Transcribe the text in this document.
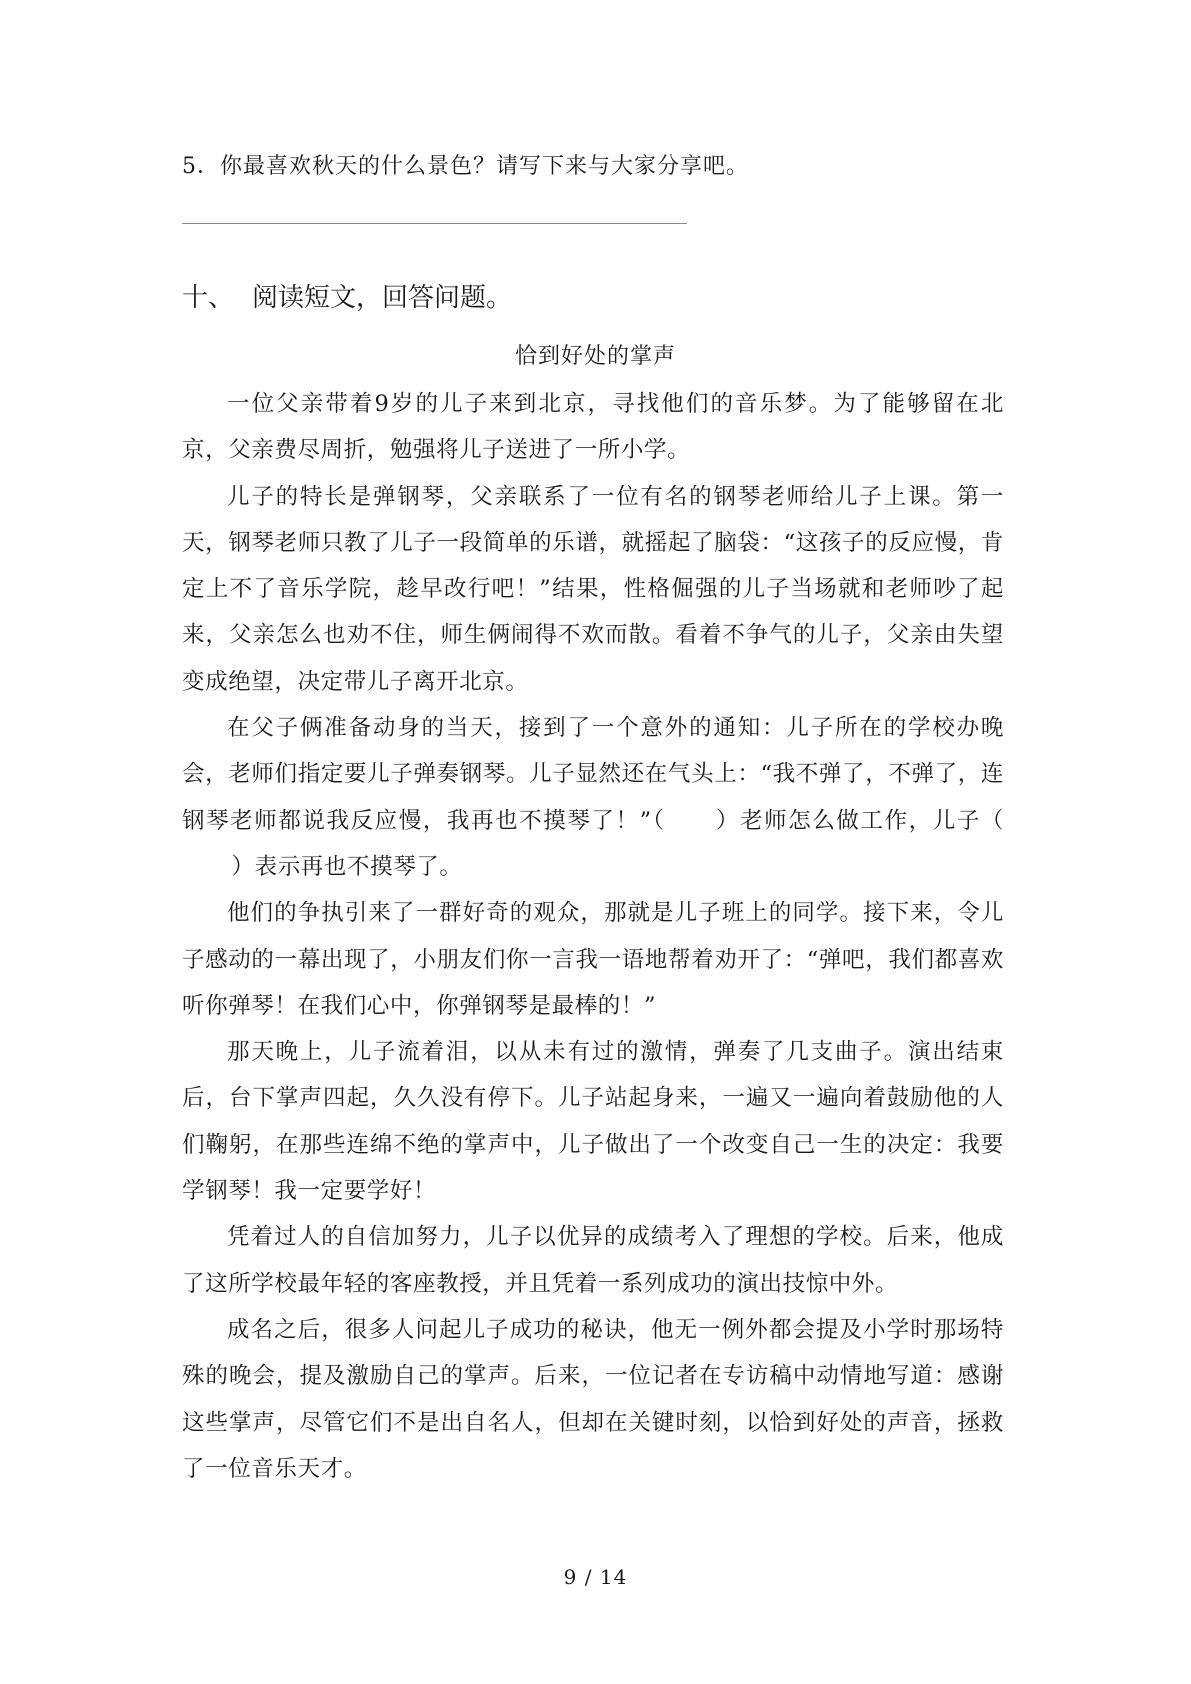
5．你最喜欢秋天的什么景色？请写下来与大家分享吧。
十、 阅读短文，回答问题。
恰到好处的掌声

一位父亲带着9岁的儿子来到北京，寻找他们的音乐梦。为了能够留在北京，父亲费尽周折，勉强将儿子送进了一所小学。

儿子的特长是弹钢琴，父亲联系了一位有名的钢琴老师给儿子上课。第一天，钢琴老师只教了儿子一段简单的乐谱，就摇起了脑袋：“这孩子的反应慢，肯定上不了音乐学院，趁早改行吧！”结果，性格倔强的儿子当场就和老师吵了起来，父亲怎么也劝不住，师生俩闹得不欢而散。看着不争气的儿子，父亲由失望变成绝望，决定带儿子离开北京。

在父子俩准备动身的当天，接到了一个意外的通知：儿子所在的学校办晚会，老师们指定要儿子弹奏钢琴。儿子显然还在气头上：“我不弹了，不弹了，连钢琴老师都说我反应慢，我再也不摸琴了！”（ ）老师怎么做工作，儿子（）表示再也不摸琴了。

他们的争执引来了一群好奇的观众，那就是儿子班上的同学。接下来，令儿子感动的一幕出现了，小朋友们你一言我一语地帮着劝开了：“弹吧，我们都喜欢听你弹琴！在我们心中，你弹钢琴是最棒的！”

那天晚上，儿子流着泪，以从未有过的激情，弹奏了几支曲子。演出结束后，台下掌声四起，久久没有停下。儿子站起身来，一遍又一遍向着鼓励他的人们鞠躬，在那些连绵不绝的掌声中，儿子做出了一个改变自己一生的决定：我要学钢琴！我一定要学好！

凭着过人的自信加努力，儿子以优异的成绩考入了理想的学校。后来，他成了这所学校最年轻的客座教授，并且凭着一系列成功的演出技惊中外。

成名之后，很多人问起儿子成功的秘诀，他无一例外都会提及小学时那场特殊的晚会，提及激励自己的掌声。后来，一位记者在专访稿中动情地写道：感谢这些掌声，尽管它们不是出自名人，但却在关键时刻，以恰到好处的声音，拯救了一位音乐天才。

9 / 14
